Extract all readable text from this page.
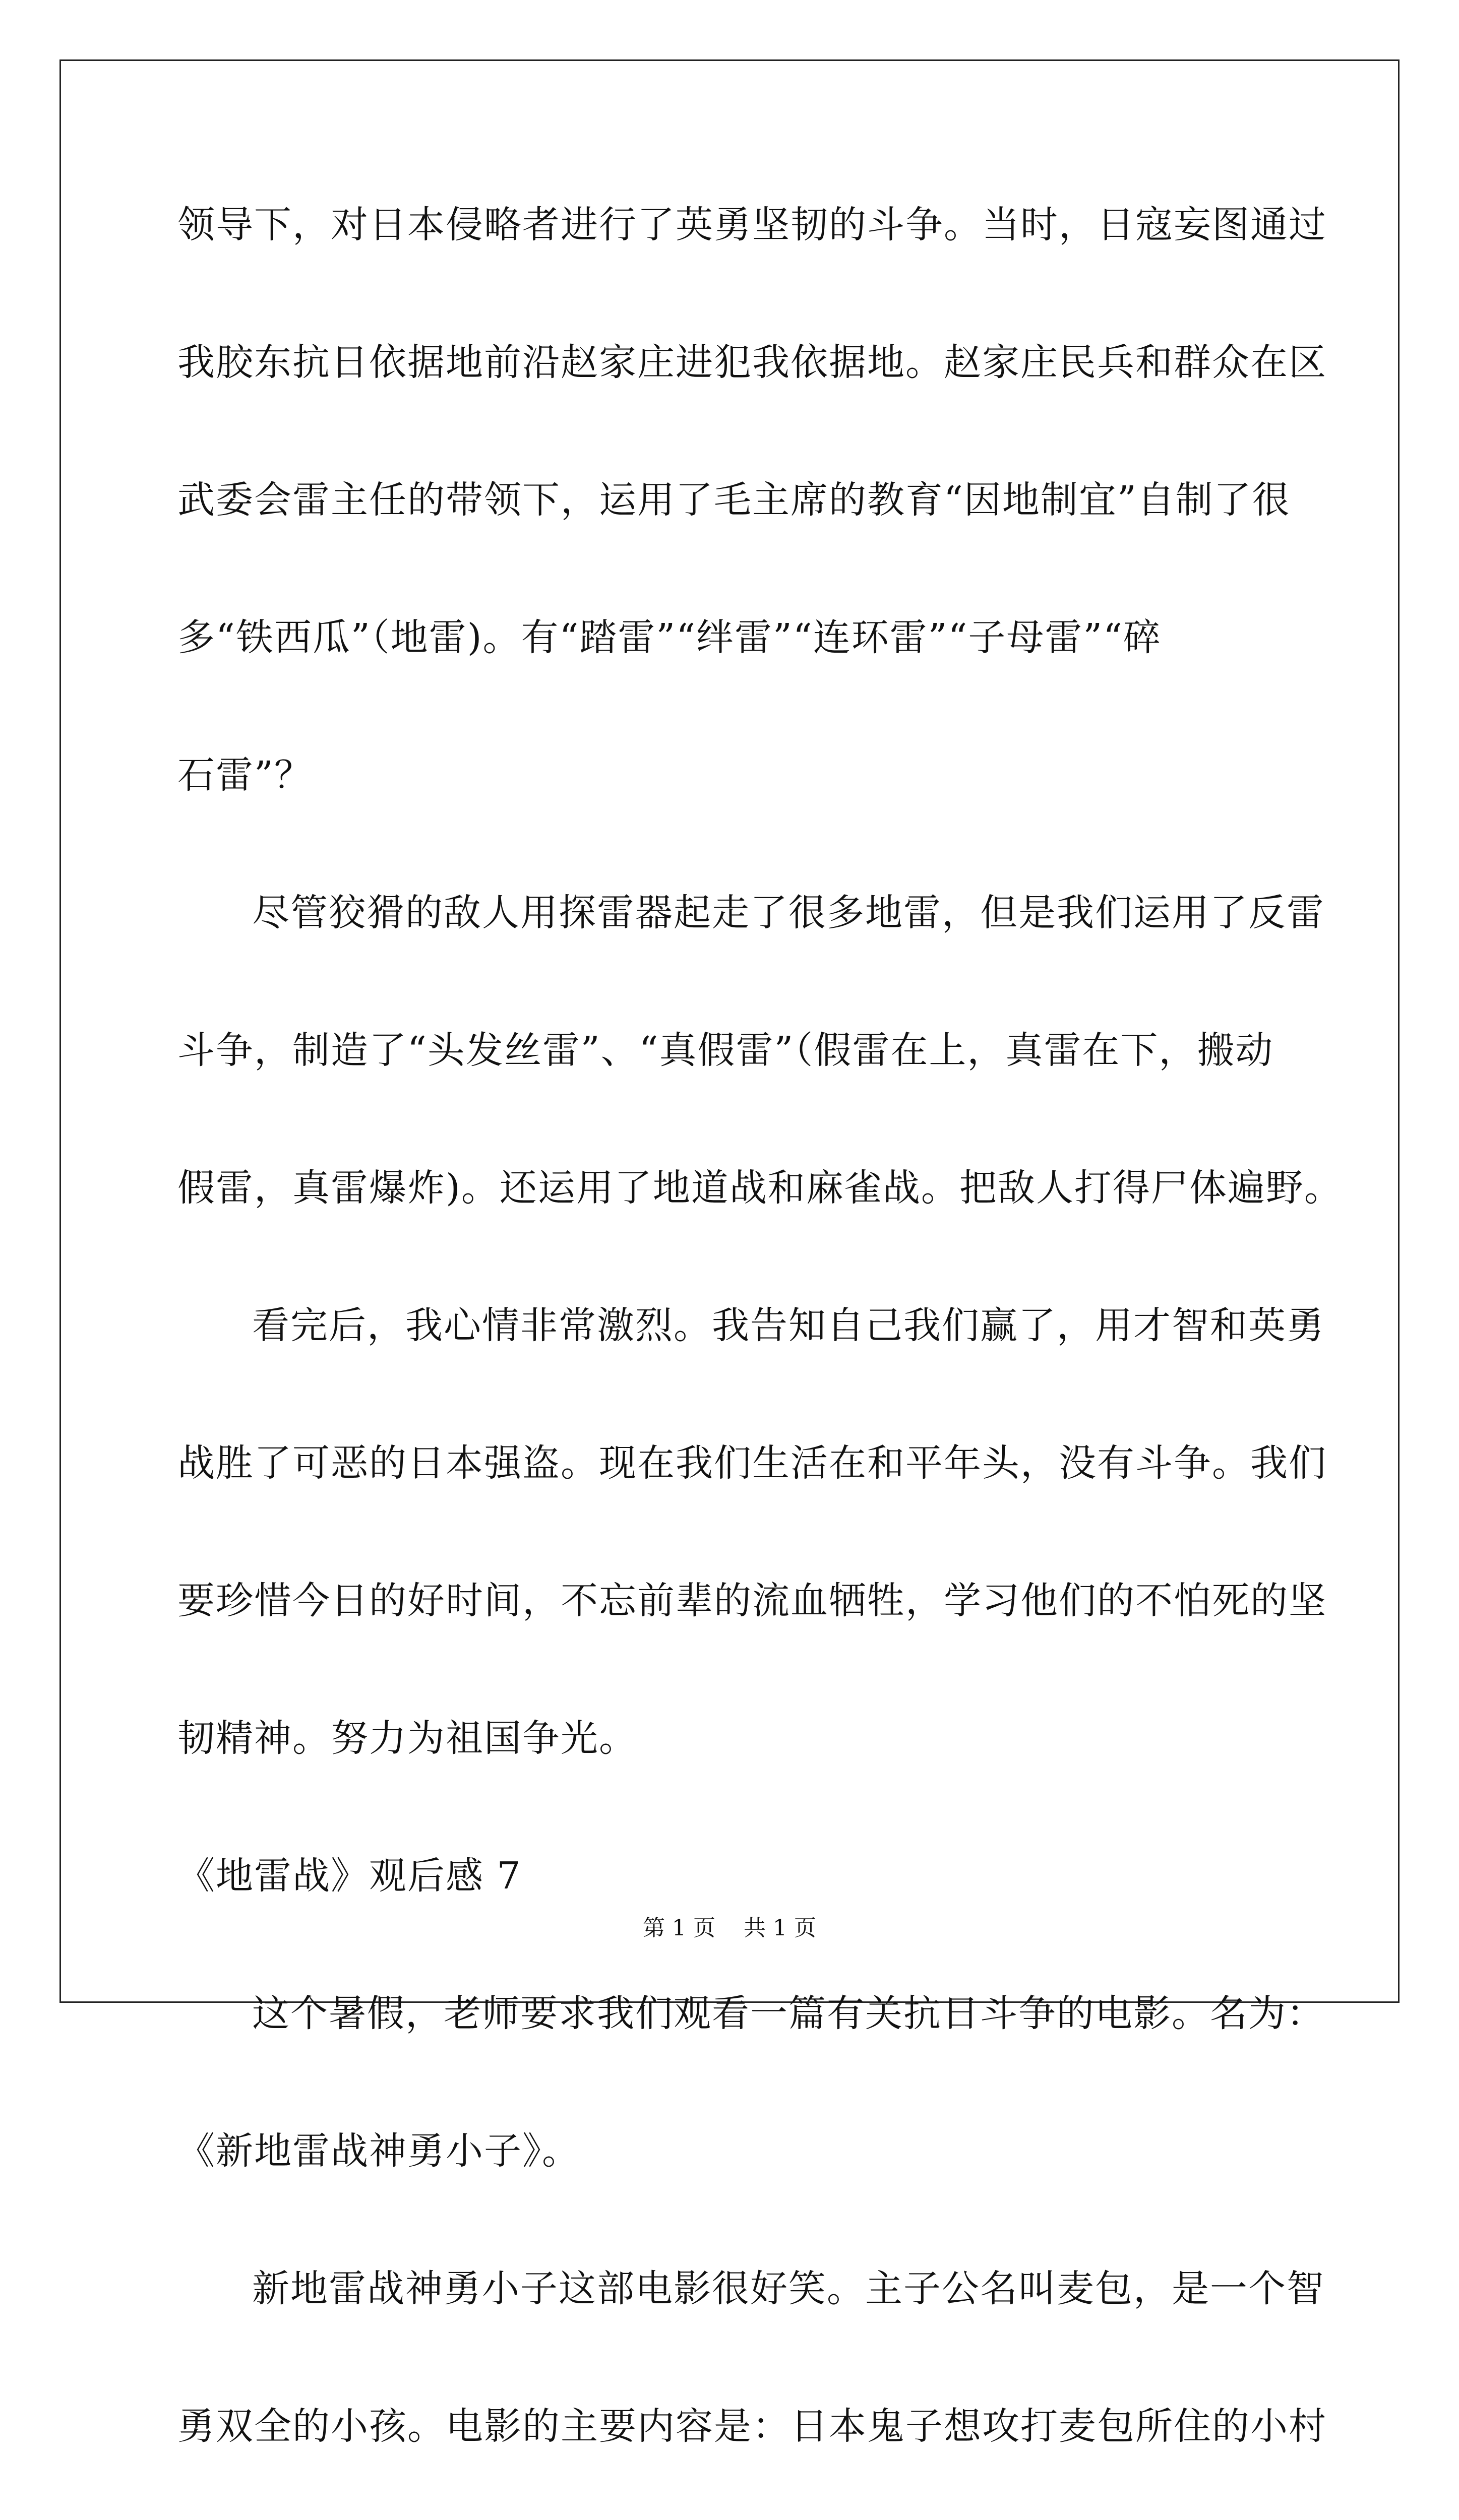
领导下，对日本侵略者进行了英勇坚韧的斗争。当时，日寇妄图通过
我胶东抗日依据地前沿赵家庄进犯我依据地。赵家庄民兵和群众在区
武委会雷主任的带领下，运用了毛主席的教育“因地制宜”自制了很
多“铁西瓜”（地雷)。有“踏雷”“绊雷”“连环雷”“子母雷”“碎
石雷”？
尽管狡猾的敌人用探雷器起走了很多地雷，但是我们运用了反雷
斗争，制造了“头发丝雷”、“真假雷”（假雷在上，真雷在下，搬动
假雷，真雷爆炸)。还运用了地道战和麻雀战。把敌人打得尸体遍野。
看完后，我心情非常激烈。我告知自己我们赢了，用才智和英勇
战胜了可恶的日本强盗。现在我们生活在和平年头，没有斗争。我们
要珍惜今日的好时间，不忘前辈的流血牺牲，学习他们的不怕死的坚
韧精神。努力为祖国争光。
《地雷战》观后感 7
这个暑假，老师要求我们观看一篇有关抗日斗争的电影。名为：
《新地雷战神勇小子》。
新地雷战神勇小子这部电影很好笑。主子公名叫麦包，是一个智
勇双全的小孩。电影的主要内容是：日本鬼子想攻打麦包所住的小村
第 1 页    共 1 页
